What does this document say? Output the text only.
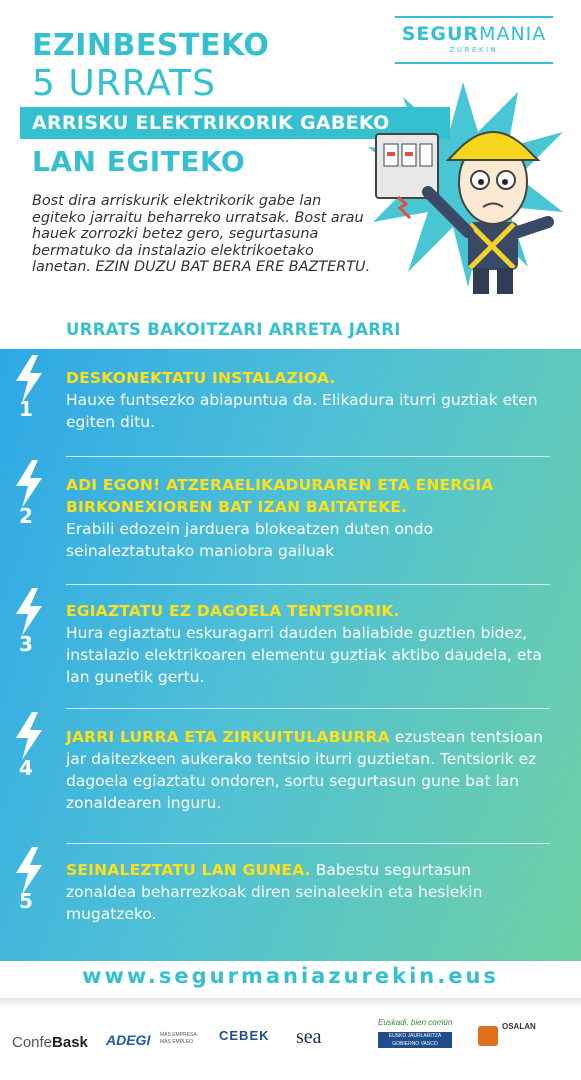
EZINBESTEKO
5 URRATS
ARRISKU ELEKTRIKORIK GABEKO
LAN EGITEKO
SEGURMANIA
ZUREKIN
Bost dira arriskurik elektrikorik gabe lan egiteko jarraitu beharreko urratsak. Bost arau hauek zorrozki betez gero, segurtasuna bermatuko da instalazio elektrikoetako lanetan. EZIN DUZU BAT BERA ERE BAZTERTU.
URRATS BAKOITZARI ARRETA JARRI
1
DESKONEKTATU INSTALAZIOA.
Hauxe funtsezko abiapuntua da. Elikadura iturri guztiak eten egiten ditu.
2
ADI EGON! ATZERAELIKADURAREN ETA ENERGIA BIRKONEXIOREN BAT IZAN BAITATEKE.
Erabili edozein jarduera blokeatzen duten ondo seinaleztatutako maniobra gailuak
3
EGIAZTATU EZ DAGOELA TENTSIORIK.
Hura egiaztatu eskuragarri dauden baliabide guztien bidez, instalazio elektrikoaren elementu guztiak aktibo daudela, eta lan gunetik gertu.
4
JARRI LURRA ETA ZIRKUITULABURRA ezustean tentsioan jar daitezkeen aukerako tentsio iturri guztietan. Tentsiorik ez dagoela egiaztatu ondoren, sortu segurtasun gune bat lan zonaldearen inguru.
5
SEINALEZTATU LAN GUNEA. Babestu segurtasun zonaldea beharrezkoak diren seinaleekin eta hesiekin mugatzeko.
www.segurmaniazurekin.eus
ConfeBask ADEGI MÁS EMPRESA.
MÁS EMPLEO. CEBEK sea
Euskadi, bien común
EUSKO JAURLARITZA
GOBIERNO VASCO
OSALAN
